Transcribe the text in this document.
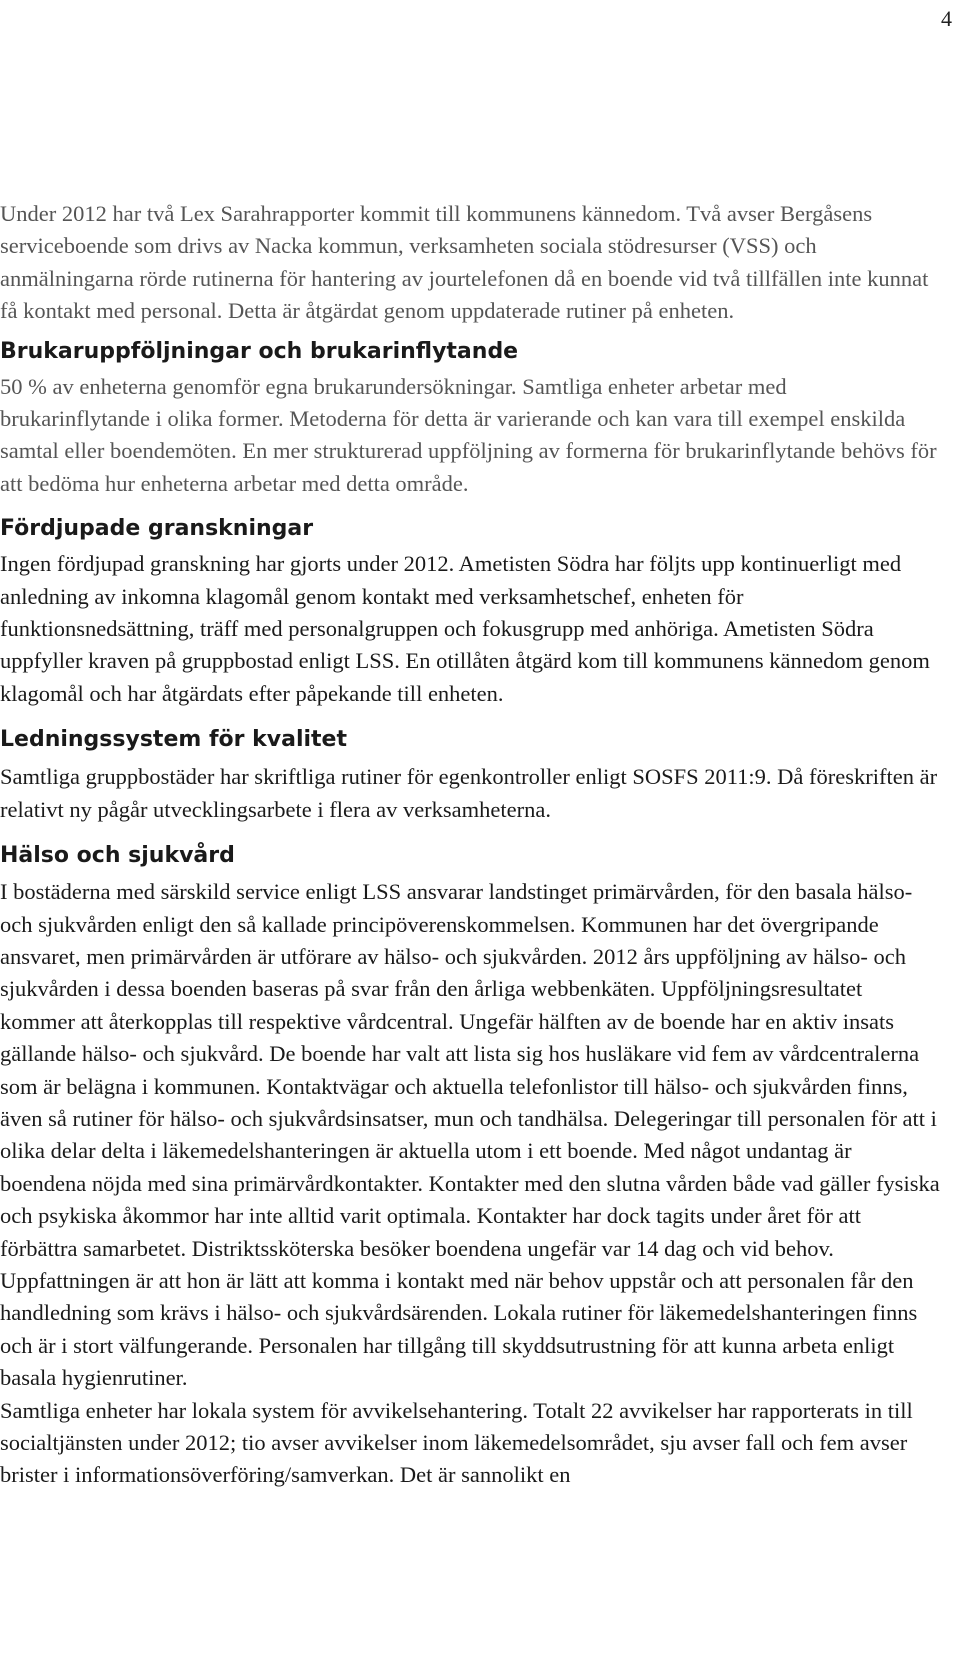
4

Under 2012 har två Lex Sarahrapporter kommit till kommunens kännedom. Två avser Bergåsens serviceboende som drivs av Nacka kommun, verksamheten sociala stödresurser (VSS) och anmälningarna rörde rutinerna för hantering av jourtelefonen då en boende vid två tillfällen inte kunnat få kontakt med personal. Detta är åtgärdat genom uppdaterade rutiner på enheten.

Brukaruppföljningar och brukarinflytande

50 % av enheterna genomför egna brukarundersökningar. Samtliga enheter arbetar med brukarinflytande i olika former. Metoderna för detta är varierande och kan vara till exempel enskilda samtal eller boendemöten. En mer strukturerad uppföljning av formerna för brukarinflytande behövs för att bedöma hur enheterna arbetar med detta område.

Fördjupade granskningar

Ingen fördjupad granskning har gjorts under 2012. Ametisten Södra har följts upp kontinuerligt med anledning av inkomna klagomål genom kontakt med verksamhetschef, enheten för funktionsnedsättning, träff med personalgruppen och fokusgrupp med anhöriga. Ametisten Södra uppfyller kraven på gruppbostad enligt LSS. En otillåten åtgärd kom till kommunens kännedom genom klagomål och har åtgärdats efter påpekande till enheten.

Ledningssystem för kvalitet

Samtliga gruppbostäder har skriftliga rutiner för egenkontroller enligt SOSFS 2011:9. Då föreskriften är relativt ny pågår utvecklingsarbete i flera av verksamheterna.

Hälso och sjukvård

I bostäderna med särskild service enligt LSS ansvarar landstinget primärvården, för den basala hälso- och sjukvården enligt den så kallade principöverenskommelsen. Kommunen har det övergripande ansvaret, men primärvården är utförare av hälso- och sjukvården. 2012 års uppföljning av hälso- och sjukvården i dessa boenden baseras på svar från den årliga webbenkäten. Uppföljningsresultatet kommer att återkopplas till respektive vårdcentral. Ungefär hälften av de boende har en aktiv insats gällande hälso- och sjukvård. De boende har valt att lista sig hos husläkare vid fem av vårdcentralerna som är belägna i kommunen. Kontaktvägar och aktuella telefonlistor till hälso- och sjukvården finns, även så rutiner för hälso- och sjukvårdsinsatser, mun och tandhälsa. Delegeringar till personalen för att i olika delar delta i läkemedelshanteringen är aktuella utom i ett boende. Med något undantag är boendena nöjda med sina primärvårdkontakter. Kontakter med den slutna vården både vad gäller fysiska och psykiska åkommor har inte alltid varit optimala. Kontakter har dock tagits under året för att förbättra samarbetet. Distriktssköterska besöker boendena ungefär var 14 dag och vid behov. Uppfattningen är att hon är lätt att komma i kontakt med när behov uppstår och att personalen får den handledning som krävs i hälso- och sjukvårdsärenden. Lokala rutiner för läkemedelshanteringen finns och är i stort välfungerande. Personalen har tillgång till skyddsutrustning för att kunna arbeta enligt basala hygienrutiner.

Samtliga enheter har lokala system för avvikelsehantering. Totalt 22 avvikelser har rapporterats in till socialtjänsten under 2012; tio avser avvikelser inom läkemedelsområdet, sju avser fall och fem avser brister i informationsöverföring/samverkan. Det är sannolikt en
